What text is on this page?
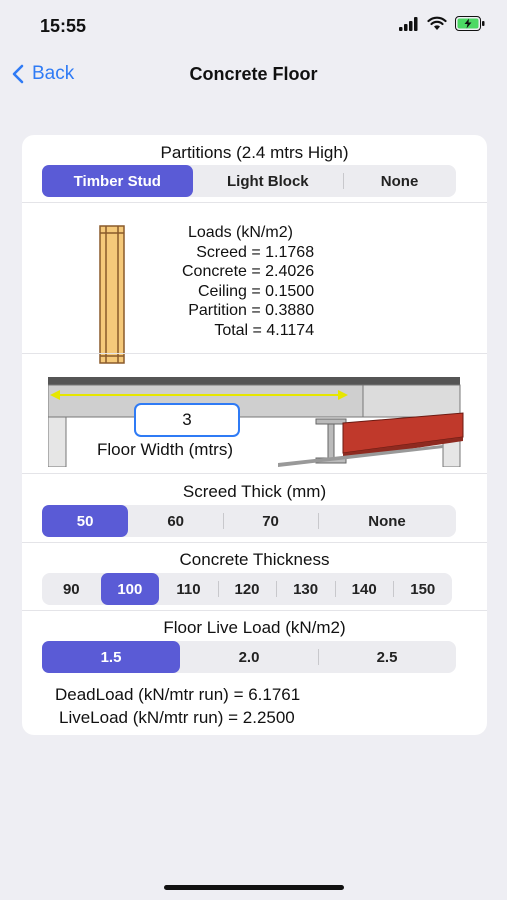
15:55
Back	Concrete Floor
Partitions (2.4 mtrs High)
Timber Stud	Light Block	None
Loads (kN/m2)
Screed = 1.1768
Concrete = 2.4026
Ceiling = 0.1500
Partition = 0.3880
Total = 4.1174
3
Floor Width (mtrs)
Screed Thick (mm)
50	60	70	None
Concrete Thickness
90	100	110	120	130	140	150
Floor Live Load (kN/m2)
1.5	2.0	2.5
DeadLoad (kN/mtr run) = 6.1761
LiveLoad (kN/mtr run) = 2.2500
